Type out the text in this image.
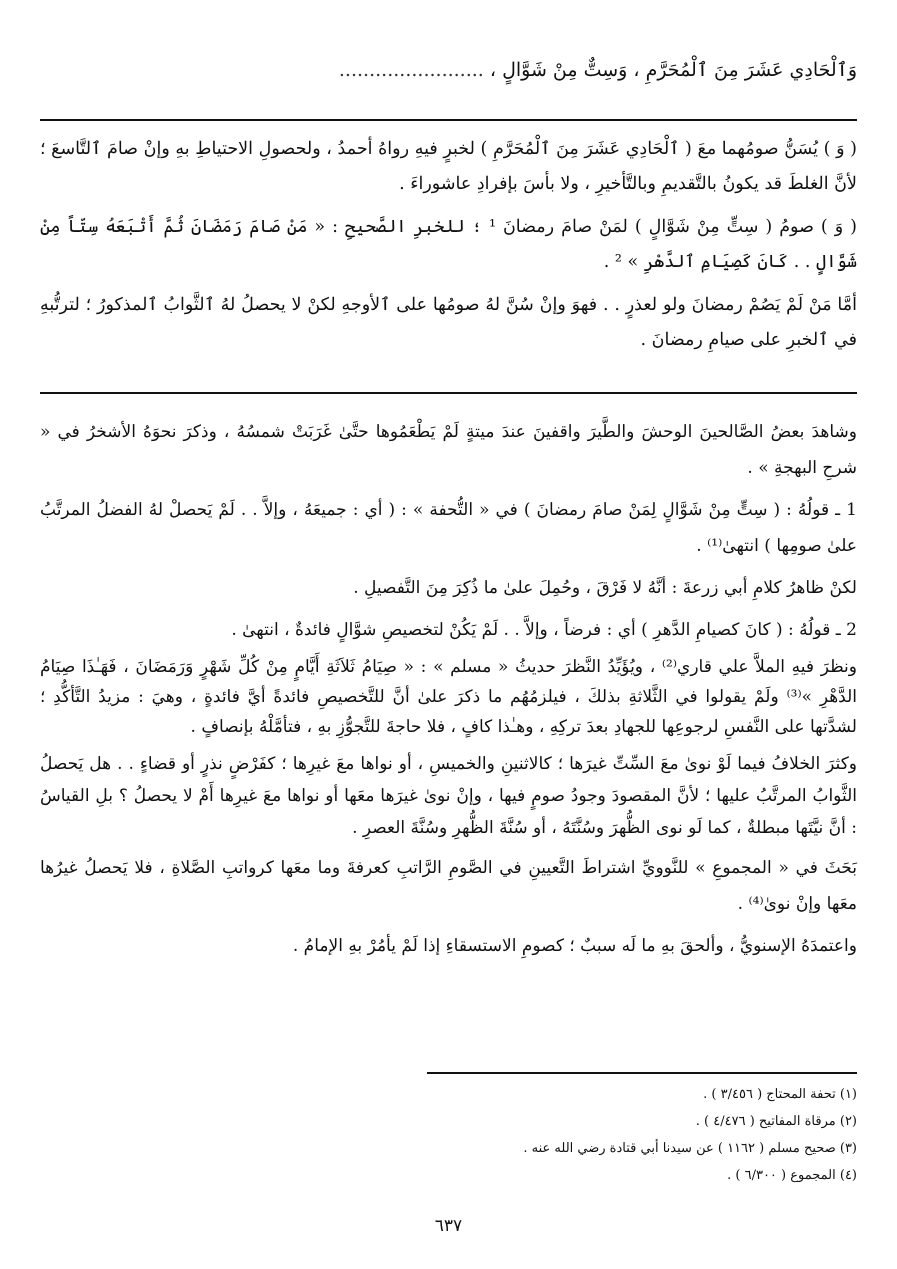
وَٱلْحَادِي عَشَرَ مِنَ ٱلْمُحَرَّمِ ، وَسِتٌّ مِنْ شَوَّالٍ ، ........................

( وَ ) يُسَنُّ صومُهما معَ ( ٱلْحَادِي عَشَرَ مِنَ ٱلْمُحَرَّمِ ) لخبرٍ فيهِ رواهُ أحمدُ ، ولحصولِ الاحتياطِ بهِ وإنْ صامَ ٱلتَّاسعَ ؛ لأنَّ الغلطَ قد يكونُ بالتَّقديمِ وبالتَّأخيرِ ، ولا بأسَ بإفرادِ عاشوراءَ .

( وَ ) صومُ ( سِتٍّ مِنْ شَوَّالٍ ) لمَنْ صامَ رمضانَ ¹ ؛ للخبرِ الصَّحيحِ : « مَنْ صَامَ رَمَضَانَ ثُمَّ أَتْبَعَهُ سِتّاً مِنْ شَوَّالٍ . . كَانَ كَصِيَامِ ٱلدَّهْرِ » ² .

أمَّا مَنْ لَمْ يَصُمْ رمضانَ ولو لعذرٍ . . فهوَ وإنْ سُنَّ لهُ صومُها على ٱلأوجهِ لكنْ لا يحصلُ لهُ ٱلثَّوابُ ٱلمذكورُ ؛ لترتُّبهِ في ٱلخبرِ على صيامِ رمضانَ .

وشاهدَ بعضُ الصَّالحينَ الوحشَ والطَّيرَ واقفينَ عندَ ميتةٍ لَمْ يَطْعَمُوها حتَّىٰ غَرَبَتْ شمسُهُ ، وذكرَ نحوَهُ الأشخرُ في « شرحِ البهجةِ » .

1 ـ قولُهُ : ( سِتٍّ مِنْ شَوَّالٍ لِمَنْ صامَ رمضانَ ) في « التُّحفة » : ( أي : جميعَهُ ، وإلاَّ . . لَمْ يَحصلْ لهُ الفضلُ المرتَّبُ علىٰ صومِها ) انتهىٰ⁽¹⁾ .

لكنْ ظاهرُ كلامِ أبي زرعةَ : أنَّهُ لا فَرْقَ ، وحُمِلَ علىٰ ما ذُكِرَ مِنَ التَّفصيلِ .

2 ـ قولُهُ : ( كانَ كصيامِ الدَّهرِ ) أي : فرضاً ، وإلاَّ . . لَمْ يَكُنْ لتخصيصِ شوَّالٍ فائدةٌ ، انتهىٰ .

ونظرَ فيهِ الملاَّ علي قاري⁽²⁾ ، ويُؤَيِّدُ النَّظرَ حديثُ « مسلم » : « صِيَامُ ثَلاَثَةِ أَيَّامٍ مِنْ كُلِّ شَهْرٍ وَرَمَضَانَ ، فَهَـٰذَا صِيَامُ الدَّهْرِ »⁽³⁾ ولَمْ يقولوا في الثَّلاثةِ بذلكَ ، فيلزمُهُم ما ذكرَ علىٰ أنَّ للتَّخصيصِ فائدةً أيَّ فائدةٍ ، وهيَ : مزيدُ التَّأكُّدِ ؛ لشدَّتها على النَّفسِ لرجوعِها للجهادِ بعدَ تركِهِ ، وهـٰذا كافٍ ، فلا حاجةَ للتَّجوُّزِ بهِ ، فتأمَّلْهُ بإنصافٍ .

وكثرَ الخلافُ فيما لَوْ نوىٰ معَ السِّتِّ غيرَها ؛ كالاثنينِ والخميسِ ، أو نواها معَ غيرِها ؛ كفَرْضٍ نذرٍ أو قضاءٍ . . هل يَحصلُ الثَّوابُ المرتَّبُ عليها ؛ لأنَّ المقصودَ وجودُ صومٍ فيها ، وإنْ نوىٰ غيرَها معَها أو نواها معَ غيرِها أَمْ لا يحصلُ ؟ بلِ القياسُ : أنَّ نيَّتَها مبطلةٌ ، كما لَو نوى الظُّهرَ وسُنَّتَهُ ، أو سُنَّةَ الظُّهرِ وسُنَّةَ العصرِ .

بَحَثَ في « المجموعِ » للنَّوويِّ اشتراطَ التَّعيينِ في الصَّومِ الرَّاتبِ كعرفةَ وما معَها كرواتبِ الصَّلاةِ ، فلا يَحصلُ غيرُها معَها وإنْ نوىٰ⁽⁴⁾ .

واعتمدَهُ الإسنويُّ ، وألحقَ بهِ ما لَه سببٌ ؛ كصومِ الاستسقاءِ إذا لَمْ يأمُرْ بهِ الإمامُ .

(١) تحفة المحتاج ( ٣/٤٥٦ ) .

(٢) مرقاة المفاتيح ( ٤/٤٧٦ ) .

(٣) صحيح مسلم ( ١١٦٢ ) عن سيدنا أبي قتادة رضي الله عنه .

(٤) المجموع ( ٦/٣٠٠ ) .

٦٣٧
